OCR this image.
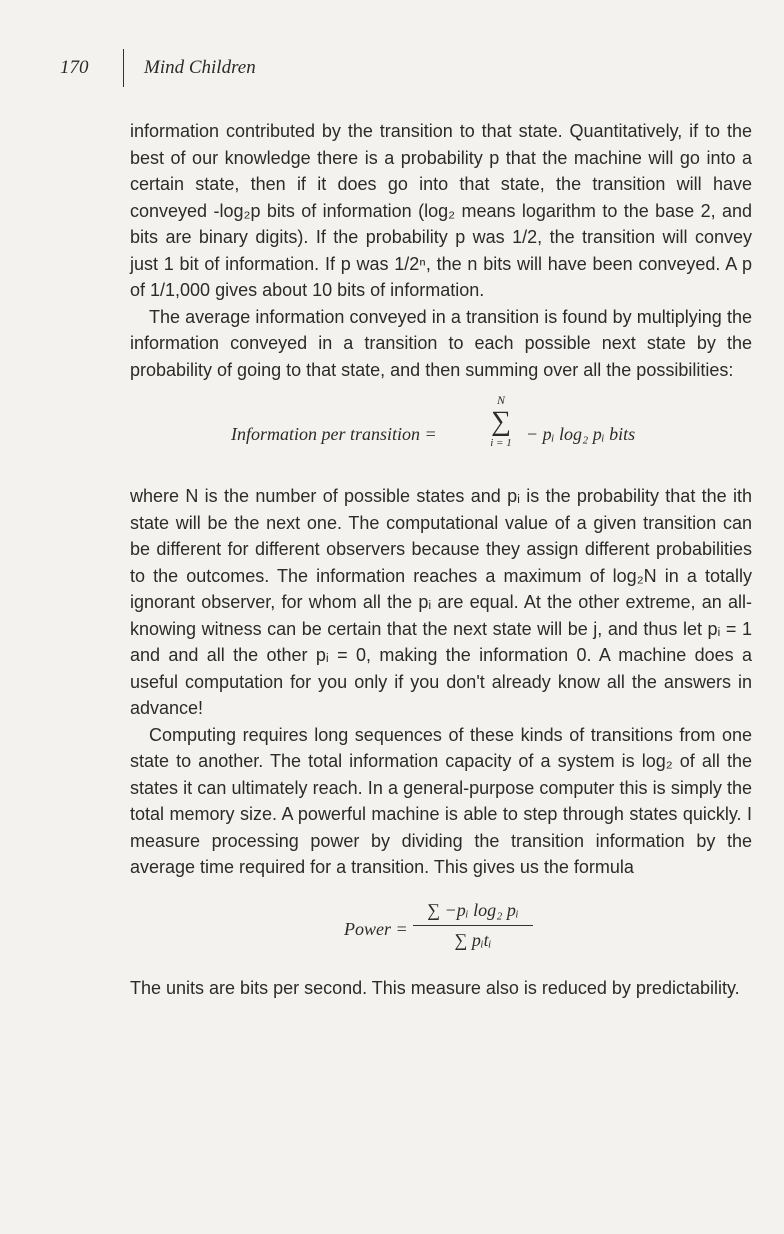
170	Mind Children

information contributed by the transition to that state. Quantitatively, if to the best of our knowledge there is a probability p that the machine will go into a certain state, then if it does go into that state, the transition will have conveyed -log₂p bits of information (log₂ means logarithm to the base 2, and bits are binary digits). If the probability p was 1/2, the transition will convey just 1 bit of information. If p was 1/2ⁿ, the n bits will have been conveyed. A p of 1/1,000 gives about 10 bits of information.

The average information conveyed in a transition is found by multiplying the information conveyed in a transition to each possible next state by the probability of going to that state, and then summing over all the possibilities:

Information per transition =
N
∑
i = 1 − pᵢ log₂ pᵢ bits

where N is the number of possible states and pᵢ is the probability that the ith state will be the next one. The computational value of a given transition can be different for different observers because they assign different probabilities to the outcomes. The information reaches a maximum of log₂N in a totally ignorant observer, for whom all the pᵢ are equal. At the other extreme, an all-knowing witness can be certain that the next state will be j, and thus let pᵢ = 1 and and all the other pᵢ = 0, making the information 0. A machine does a useful computation for you only if you don't already know all the answers in advance!

Computing requires long sequences of these kinds of transitions from one state to another. The total information capacity of a system is log₂ of all the states it can ultimately reach. In a general-purpose computer this is simply the total memory size. A powerful machine is able to step through states quickly. I measure processing power by dividing the transition information by the average time required for a transition. This gives us the formula

Power =
∑ −pᵢ log₂ pᵢ
∑ pᵢtᵢ

The units are bits per second. This measure also is reduced by predictability.
